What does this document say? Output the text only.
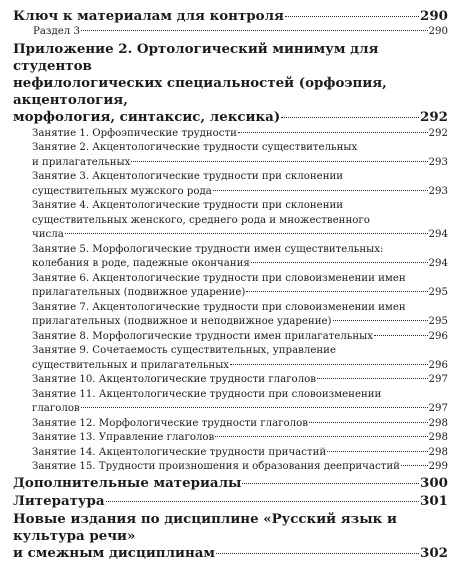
Ключ к материалам для контроля	290
Раздел 3	290
Приложение 2. Ортологический минимум для студентов
нефилологических специальностей (орфоэпия, акцентология,
морфология, синтаксис, лексика)	292
Занятие 1. Орфоэпические трудности	292
Занятие 2. Акцентологические трудности существительных
и прилагательных	293
Занятие 3. Акцентологические трудности при склонении
существительных мужского рода	293
Занятие 4. Акцентологические трудности при склонении
существительных женского, среднего рода и множественного
числа	294
Занятие 5. Морфологические трудности имен существительных:
колебания в роде, падежные окончания	294
Занятие 6. Акцентологические трудности при словоизменении имен
прилагательных (подвижное ударение)	295
Занятие 7. Акцентологические трудности при словоизменении имен
прилагательных (подвижное и неподвижное ударение)	295
Занятие 8. Морфологические трудности имен прилагательных	296
Занятие 9. Сочетаемость существительных, управление
существительных и прилагательных	296
Занятие 10. Акцентологические трудности глаголов	297
Занятие 11. Акцентологические трудности при словоизменении
глаголов	297
Занятие 12. Морфологические трудности глаголов	298
Занятие 13. Управление глаголов	298
Занятие 14. Акцентологические трудности причастий	298
Занятие 15. Трудности произношения и образования деепричастий	299
Дополнительные материалы	300
Литература	301
Новые издания по дисциплине «Русский язык и культура речи»
и смежным дисциплинам	302
